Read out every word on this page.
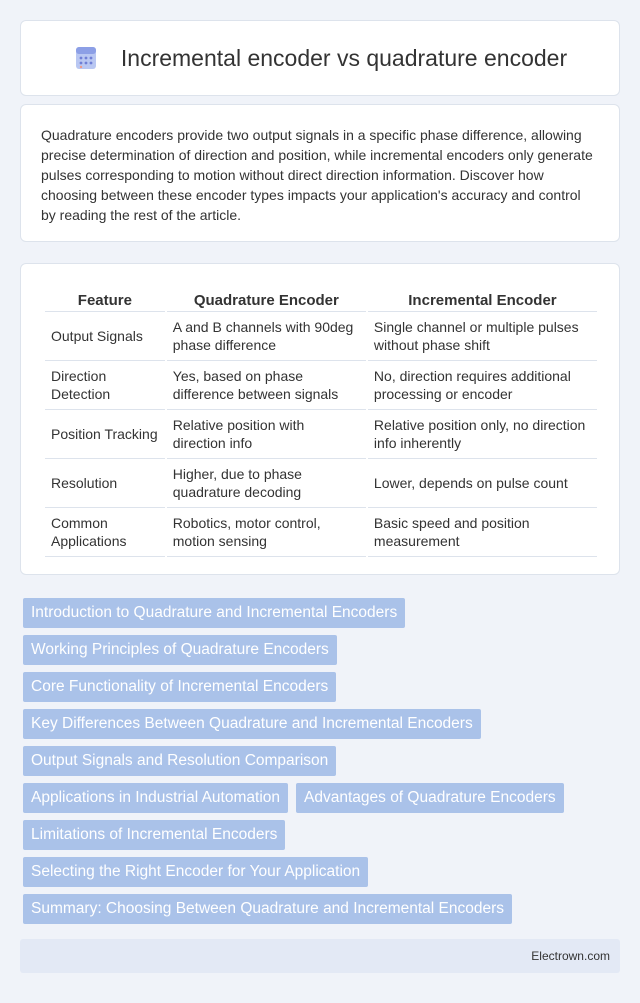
Incremental encoder vs quadrature encoder

Quadrature encoders provide two output signals in a specific phase difference, allowing precise determination of direction and position, while incremental encoders only generate pulses corresponding to motion without direct direction information. Discover how choosing between these encoder types impacts your application's accuracy and control by reading the rest of the article.

Feature	Quadrature Encoder	Incremental Encoder
Output Signals	A and B channels with 90deg phase difference	Single channel or multiple pulses without phase shift
Direction Detection	Yes, based on phase difference between signals	No, direction requires additional processing or encoder
Position Tracking	Relative position with direction info	Relative position only, no direction info inherently
Resolution	Higher, due to phase quadrature decoding	Lower, depends on pulse count
Common Applications	Robotics, motor control, motion sensing	Basic speed and position measurement
Introduction to Quadrature and Incremental Encoders
Working Principles of Quadrature Encoders
Core Functionality of Incremental Encoders
Key Differences Between Quadrature and Incremental Encoders
Output Signals and Resolution Comparison
Applications in Industrial Automation	Advantages of Quadrature Encoders
Limitations of Incremental Encoders
Selecting the Right Encoder for Your Application
Summary: Choosing Between Quadrature and Incremental Encoders
Electrown.com
